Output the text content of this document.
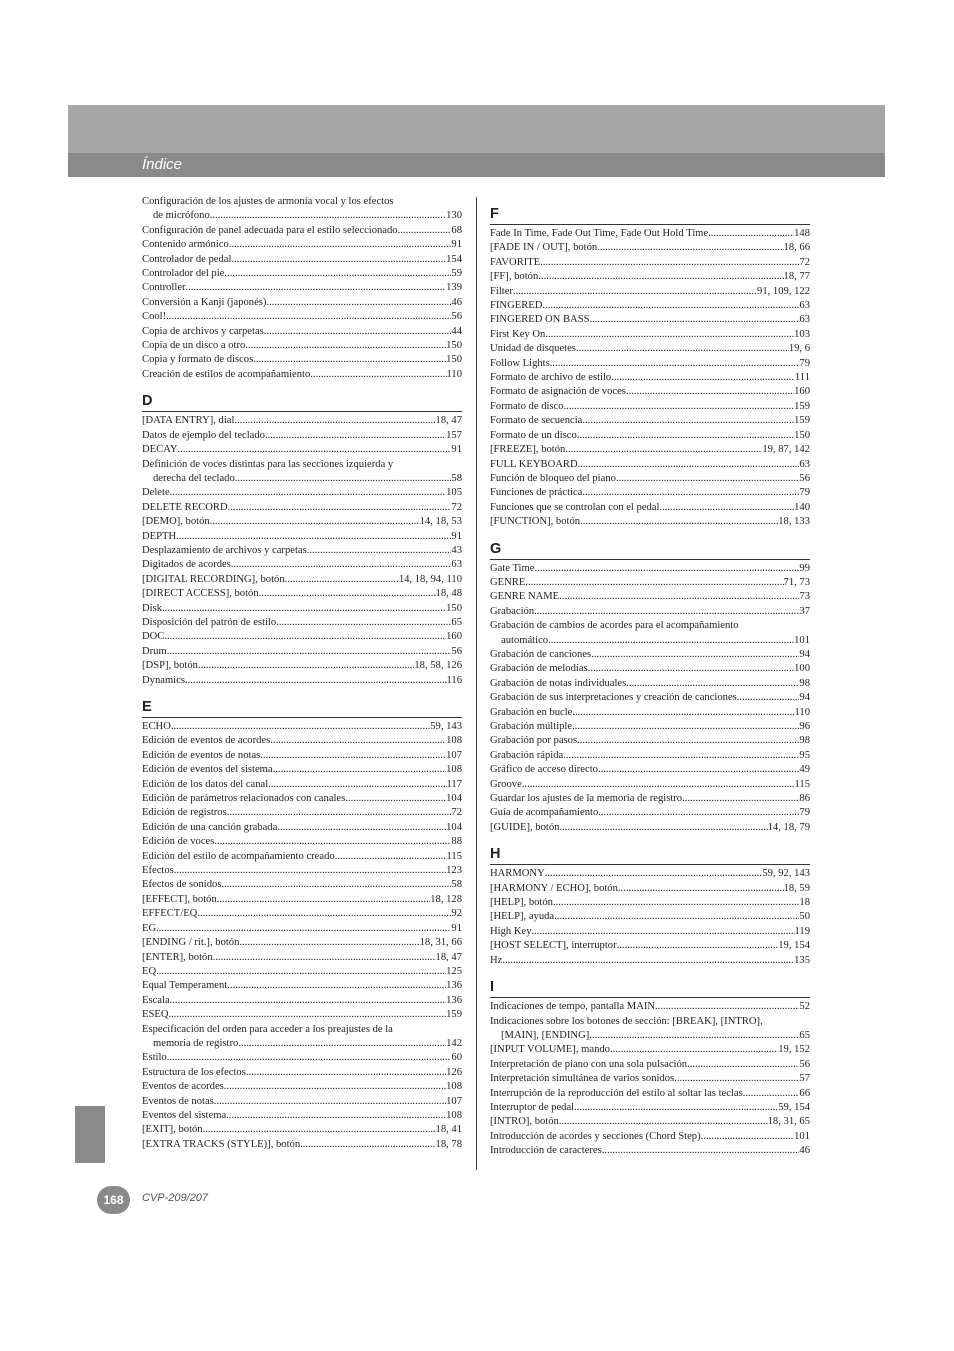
Índice
Configuración de los ajustes de armonía vocal y los efectos
de micrófono .....	130
Configuración de panel adecuada para el estilo seleccionado .....	68
Contenido armónico .....	91
Controlador de pedal .....	154
Controlador del pie .....	59
Controller .....	139
Conversión a Kanji (japonés) .....	46
Cool! .....	56
Copia de archivos y carpetas .....	44
Copia de un disco a otro .....	150
Copia y formato de discos .....	150
Creación de estilos de acompañamiento .....	110
D
[DATA ENTRY], dial .....	18, 47
Datos de ejemplo del teclado .....	157
DECAY .....	91
Definición de voces distintas para las secciones izquierda y
derecha del teclado .....	58
Delete .....	105
DELETE RECORD .....	72
[DEMO], botón .....	14, 18, 53
DEPTH .....	91
Desplazamiento de archivos y carpetas .....	43
Digitados de acordes .....	63
[DIGITAL RECORDING], botón .....	14, 18, 94, 110
[DIRECT ACCESS], botón .....	18, 48
Disk .....	150
Disposición del patrón de estilo .....	65
DOC .....	160
Drum .....	56
[DSP], botón .....	18, 58, 126
Dynamics .....	116
E
ECHO .....	59, 143
Edición de eventos de acordes .....	108
Edición de eventos de notas .....	107
Edición de eventos del sistema .....	108
Edición de los datos del canal .....	117
Edición de parámetros relacionados con canales .....	104
Edición de registros .....	72
Edición de una canción grabada .....	104
Edición de voces .....	88
Edición del estilo de acompañamiento creado .....	115
Efectos .....	123
Efectos de sonidos .....	58
[EFFECT], botón .....	18, 128
EFFECT/EQ .....	92
EG .....	91
[ENDING / rit.], botón .....	18, 31, 66
[ENTER], botón .....	18, 47
EQ .....	125
Equal Temperament .....	136
Escala .....	136
ESEQ .....	159
Especificación del orden para acceder a los preajustes de la
memoria de registro .....	142
Estilo .....	60
Estructura de los efectos .....	126
Eventos de acordes .....	108
Eventos de notas .....	107
Eventos del sistema .....	108
[EXIT], botón .....	18, 41
[EXTRA TRACKS (STYLE)], botón .....	18, 78
F
Fade In Time, Fade Out Time, Fade Out Hold Time .....	148
[FADE IN / OUT], botón .....	18, 66
FAVORITE .....	72
[FF], botón .....	18, 77
Filter .....	91, 109, 122
FINGERED .....	63
FINGERED ON BASS .....	63
First Key On .....	103
Unidad de disquetes .....	19, 6
Follow Lights .....	79
Formato de archivo de estilo .....	111
Formato de asignación de voces .....	160
Formato de disco .....	159
Formato de secuencia .....	159
Formato de un disco .....	150
[FREEZE], botón .....	19, 87, 142
FULL KEYBOARD .....	63
Función de bloqueo del piano .....	56
Funciones de práctica .....	79
Funciones que se controlan con el pedal .....	140
[FUNCTION], botón .....	18, 133
G
Gate Time .....	99
GENRE .....	71, 73
GENRE NAME .....	73
Grabación .....	37
Grabación de cambios de acordes para el acompañamiento
automático .....	101
Grabación de canciones .....	94
Grabación de melodías .....	100
Grabación de notas individuales .....	98
Grabación de sus interpretaciones y creación de canciones .....	94
Grabación en bucle .....	110
Grabación múltiple .....	96
Grabación por pasos .....	98
Grabación rápida .....	95
Gráfico de acceso directo .....	49
Groove .....	115
Guardar los ajustes de la memoria de registro .....	86
Guía de acompañamiento .....	79
[GUIDE], botón .....	14, 18, 79
H
HARMONY .....	59, 92, 143
[HARMONY / ECHO], botón .....	18, 59
[HELP], botón .....	18
[HELP], ayuda .....	50
High Key .....	119
[HOST SELECT], interruptor .....	19, 154
Hz .....	135
I
Indicaciones de tempo, pantalla MAIN .....	52
Indicaciones sobre los botones de sección: [BREAK], [INTRO],
[MAIN], [ENDING] .....	65
[INPUT VOLUME], mando .....	19, 152
Interpretación de piano con una sola pulsación .....	56
Interpretación simultánea de varios sonidos .....	57
Interrupción de la reproducción del estilo al soltar las teclas .....	66
Interruptor de pedal .....	59, 154
[INTRO], botón .....	18, 31, 65
Introducción de acordes y secciones (Chord Step) .....	101
Introducción de caracteres .....	46
168	CVP-209/207
